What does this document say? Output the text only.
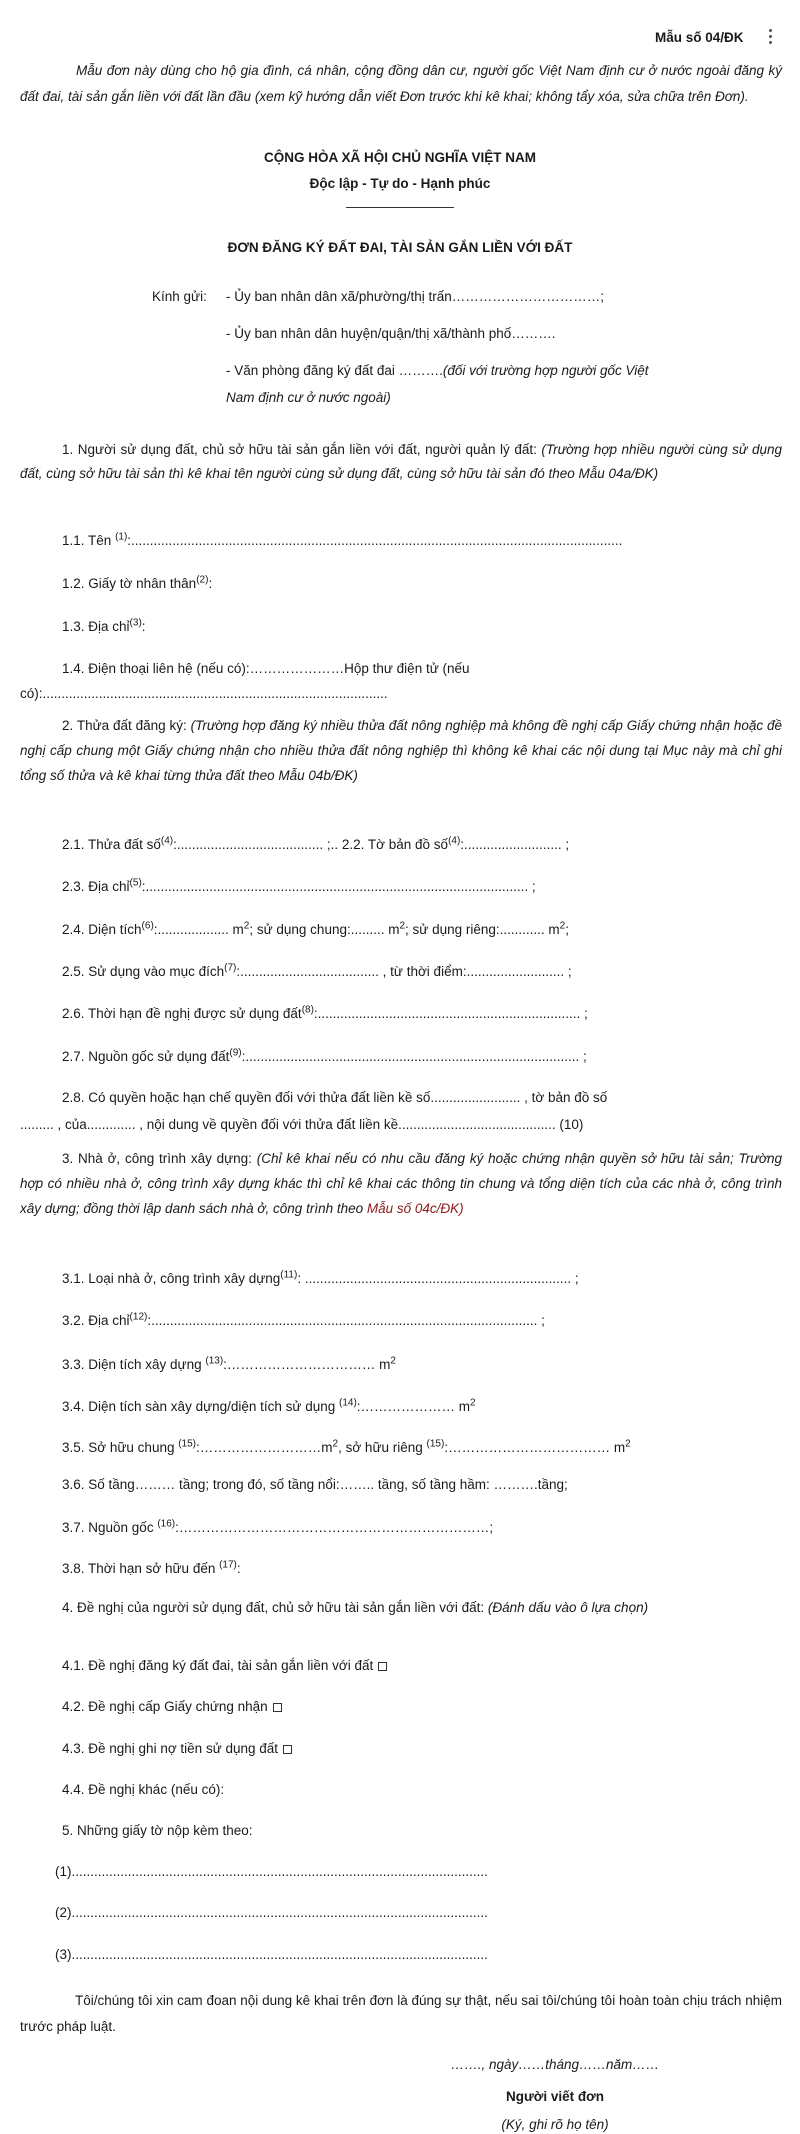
Mẫu số 04/ĐK
Mẫu đơn này dùng cho hộ gia đình, cá nhân, cộng đồng dân cư, người gốc Việt Nam định cư ở nước ngoài đăng ký đất đai, tài sản gắn liền với đất lần đầu (xem kỹ hướng dẫn viết Đơn trước khi kê khai; không tẩy xóa, sửa chữa trên Đơn).
CỘNG HÒA XÃ HỘI CHỦ NGHĨA VIỆT NAM
Độc lập - Tự do - Hạnh phúc
ĐƠN ĐĂNG KÝ ĐẤT ĐAI, TÀI SẢN GẮN LIỀN VỚI ĐẤT
Kính gửi: - Ủy ban nhân dân xã/phường/thị trấn……………………………;
- Ủy ban nhân dân huyện/quận/thị xã/thành phố……….
- Văn phòng đăng ký đất đai ……….(đối với trường hợp người gốc Việt
Nam định cư ở nước ngoài)
1. Người sử dụng đất, chủ sở hữu tài sản gắn liền với đất, người quản lý đất: (Trường hợp nhiều người cùng sử dụng đất, cùng sở hữu tài sản thì kê khai tên người cùng sử dụng đất, cùng sở hữu tài sản đó theo Mẫu 04a/ĐK)
1.1. Tên $^{(1)}$:...................................................................................................................................
1.2. Giấy tờ nhân thân$^{(2)}$:
1.3. Địa chỉ$^{(3)}$:
1.4. Điện thoại liên hệ (nếu có):…………………Hộp thư điện tử (nếu
có):............................................................................................
2. Thửa đất đăng ký: (Trường hợp đăng ký nhiều thửa đất nông nghiệp mà không đề nghị cấp Giấy chứng nhận hoặc đề nghị cấp chung một Giấy chứng nhận cho nhiều thửa đất nông nghiệp thì không kê khai các nội dung tại Mục này mà chỉ ghi tổng số thửa và kê khai từng thửa đất theo Mẫu 04b/ĐK)
2.1. Thửa đất số$^{(4)}$:....................................... ;.. 2.2. Tờ bản đồ số$^{(4)}$:.......................... ;
2.3. Địa chỉ$^{(5)}$:...................................................................................................... ;
2.4. Diện tích$^{(6)}$:................... $m^2$; sử dụng chung:......... $m^2$; sử dụng riêng:............ $m^2$;
2.5. Sử dụng vào mục đích$^{(7)}$:..................................... , từ thời điểm:.......................... ;
2.6. Thời hạn đề nghị được sử dụng đất$^{(8)}$:...................................................................... ;
2.7. Nguồn gốc sử dụng đất$^{(9)}$:......................................................................................... ;
2.8. Có quyền hoặc hạn chế quyền đối với thửa đất liền kề số........................ , tờ bản đồ số
......... , của............. , nội dung về quyền đối với thửa đất liền kề.......................................... (10)
3. Nhà ở, công trình xây dựng: (Chỉ kê khai nếu có nhu cầu đăng ký hoặc chứng nhận quyền sở hữu tài sản; Trường hợp có nhiều nhà ở, công trình xây dựng khác thì chỉ kê khai các thông tin chung và tổng diện tích của các nhà ở, công trình xây dựng; đồng thời lập danh sách nhà ở, công trình theo Mẫu số 04c/ĐK)
3.1. Loại nhà ở, công trình xây dựng$^{(11)}$: ....................................................................... ;
3.2. Địa chỉ$^{(12)}$:....................................................................................................... ;
3.3. Diện tích xây dựng $^{(13)}$:…………………………… $m^2$
3.4. Diện tích sàn xây dựng/diện tích sử dụng $^{(14)}$:………………… $m^2$
3.5. Sở hữu chung $^{(15)}:\dots\dots\dots\dots\dots\dots\dots\dots\dots m^2$, sở hữu riêng $^{(15)}$:……………………………… $m^2$
3.6. Số tầng……… tầng; trong đó, số tầng nổi:…….. tầng, số tầng hầm: ……….tầng;
3.7. Nguồn gốc $^{(16)}$:……………………………………………………………;
3.8. Thời hạn sở hữu đến $^{(17)}$:
4. Đề nghị của người sử dụng đất, chủ sở hữu tài sản gắn liền với đất: (Đánh dấu vào ô lựa chọn)
4.1. Đề nghị đăng ký đất đai, tài sản gắn liền với đất
4.2. Đề nghị cấp Giấy chứng nhận
4.3. Đề nghị ghi nợ tiền sử dụng đất
4.4. Đề nghị khác (nếu có):
5. Những giấy tờ nộp kèm theo:
(1)...............................................................................................................
(2)...............................................................................................................
(3)...............................................................................................................
Tôi/chúng tôi xin cam đoan nội dung kê khai trên đơn là đúng sự thật, nếu sai tôi/chúng tôi hoàn toàn chịu trách nhiệm trước pháp luật.
……., ngày……tháng……năm……
Người viết đơn
(Ký, ghi rõ họ tên)
